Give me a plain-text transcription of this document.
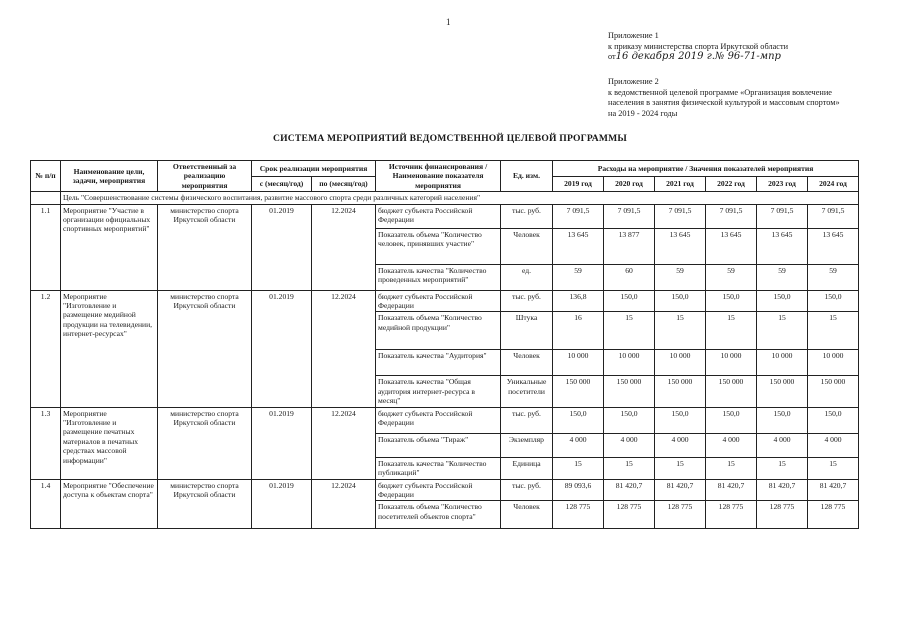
1
Приложение 1
к приказу министерства спорта Иркутской области
от16 декабря 2019 г.№ 96-71-мпр
Приложение 2
к ведомственной целевой программе «Организация вовлечение
населения в занятия физической культурой и массовым спортом»
на 2019 - 2024 годы
СИСТЕМА МЕРОПРИЯТИЙ ВЕДОМСТВЕННОЙ ЦЕЛЕВОЙ ПРОГРАММЫ
№ п/п	Наименование цели, задачи, мероприятия	Ответственный за реализацию мероприятия	Срок реализации мероприятия		Источник финансирования / Наименование показателя мероприятия	Ед. изм.	Расходы на мероприятие / Значения показателей мероприятия					
			с (месяц/год)	по (месяц/год)			2019 год	2020 год	2021 год	2022 год	2023 год	2024 год
	Цель "Совершенствование системы физического воспитания, развитие массового спорта среди различных категорий населения"											
1.1	Мероприятие "Участие в организации официальных спортивных мероприятий"	министерство спорта Иркутской области	01.2019	12.2024	бюджет субъекта Российской Федерации	тыс. руб.	7 091,5	7 091,5	7 091,5	7 091,5	7 091,5	7 091,5
					Показатель объема "Количество человек, принявших участие"	Человек	13 645	13 877	13 645	13 645	13 645	13 645
					Показатель качества "Количество проведенных мероприятий"	ед.	59	60	59	59	59	59
1.2	Мероприятие "Изготовление и размещение медийной продукции на телевидении, интернет-ресурсах"	министерство спорта Иркутской области	01.2019	12.2024	бюджет субъекта Российской Федерации	тыс. руб.	136,8	150,0	150,0	150,0	150,0	150,0
					Показатель объема "Количество медийной продукции"	Штука	16	15	15	15	15	15
					Показатель качества "Аудитория"	Человек	10 000	10 000	10 000	10 000	10 000	10 000
					Показатель качества "Общая аудитория интернет-ресурса в месяц"	Уникальные посетители	150 000	150 000	150 000	150 000	150 000	150 000
1.3	Мероприятие "Изготовление и размещение печатных материалов в печатных средствах массовой информации"	министерство спорта Иркутской области	01.2019	12.2024	бюджет субъекта Российской Федерации	тыс. руб.	150,0	150,0	150,0	150,0	150,0	150,0
					Показатель объема "Тираж"	Экземпляр	4 000	4 000	4 000	4 000	4 000	4 000
					Показатель качества "Количество публикаций"	Единица	15	15	15	15	15	15
1.4	Мероприятие "Обеспечение доступа к объектам спорта"	министерство спорта Иркутской области	01.2019	12.2024	бюджет субъекта Российской Федерации	тыс. руб.	89 093,6	81 420,7	81 420,7	81 420,7	81 420,7	81 420,7
					Показатель объема "Количество посетителей объектов спорта"	Человек	128 775	128 775	128 775	128 775	128 775	128 775
